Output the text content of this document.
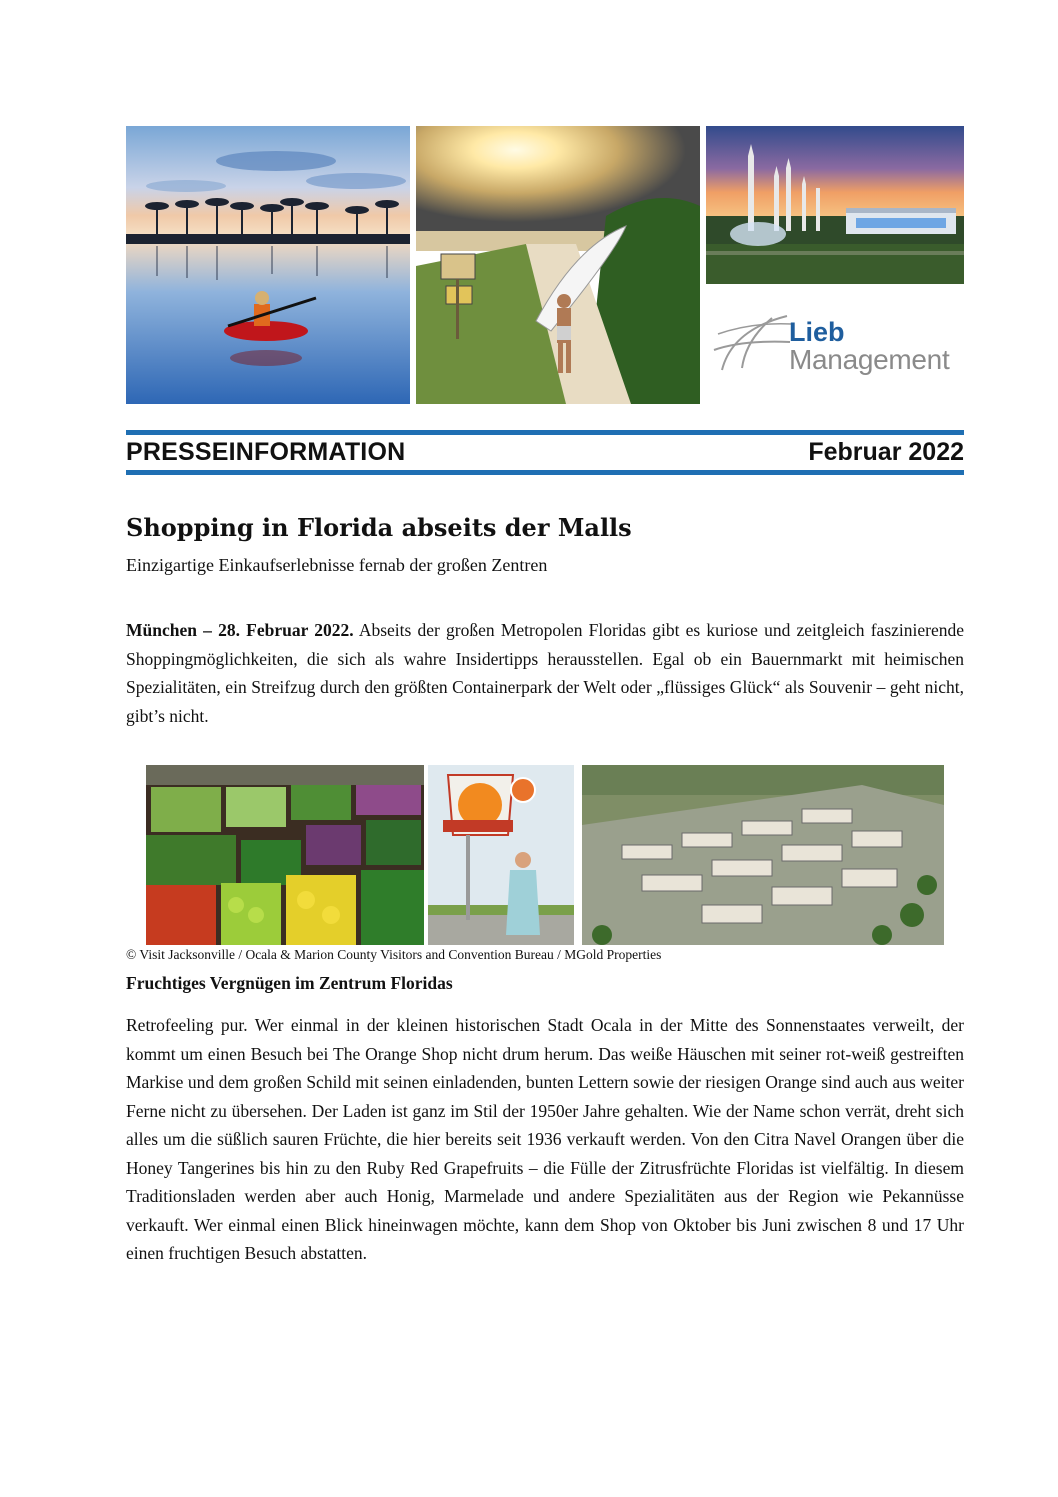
Lieb
Management
PRESSEINFORMATION	Februar 2022
Shopping in Florida abseits der Malls
Einzigartige Einkaufserlebnisse fernab der großen Zentren
München – 28. Februar 2022. Abseits der großen Metropolen Floridas gibt es kuriose und zeitgleich faszinierende Shoppingmöglichkeiten, die sich als wahre Insidertipps herausstellen. Egal ob ein Bauernmarkt mit heimischen Spezialitäten, ein Streifzug durch den größten Containerpark der Welt oder „flüssiges Glück“ als Souvenir – geht nicht, gibt’s nicht.
© Visit Jacksonville / Ocala & Marion County Visitors and Convention Bureau / MGold Properties
Fruchtiges Vergnügen im Zentrum Floridas
Retrofeeling pur. Wer einmal in der kleinen historischen Stadt Ocala in der Mitte des Sonnenstaates verweilt, der kommt um einen Besuch bei The Orange Shop nicht drum herum. Das weiße Häuschen mit seiner rot-weiß gestreiften Markise und dem großen Schild mit seinen einladenden, bunten Lettern sowie der riesigen Orange sind auch aus weiter Ferne nicht zu übersehen. Der Laden ist ganz im Stil der 1950er Jahre gehalten. Wie der Name schon verrät, dreht sich alles um die süßlich sauren Früchte, die hier bereits seit 1936 verkauft werden. Von den Citra Navel Orangen über die Honey Tangerines bis hin zu den Ruby Red Grapefruits – die Fülle der Zitrusfrüchte Floridas ist vielfältig. In diesem Traditionsladen werden aber auch Honig, Marmelade und andere Spezialitäten aus der Region wie Pekannüsse verkauft. Wer einmal einen Blick hineinwagen möchte, kann dem Shop von Oktober bis Juni zwischen 8 und 17 Uhr einen fruchtigen Besuch abstatten.
